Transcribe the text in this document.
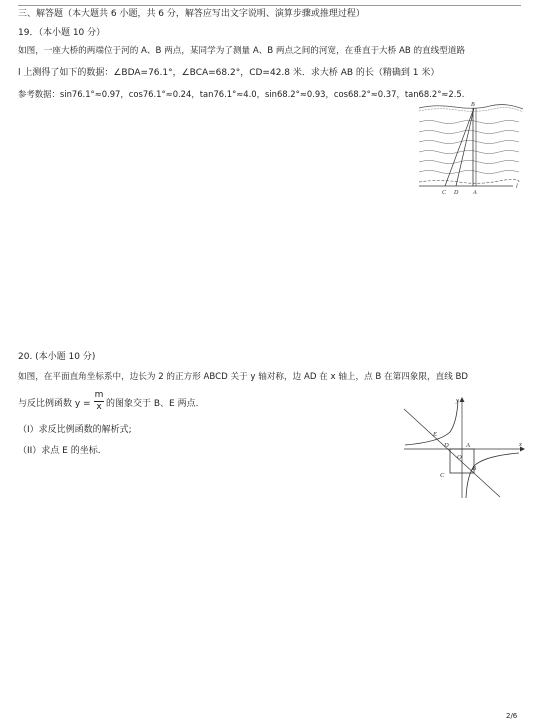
三、解答题（本大题共 6 小题，共 6 分，解答应写出文字说明、演算步骤或推理过程）
19．（本小题 10 分）
如图，一座大桥的两端位于河的 A、B 两点，某同学为了测量 A、B 两点之间的河宽，在垂直于大桥 AB 的直线型道路
l 上测得了如下的数据：∠BDA=76.1°，∠BCA=68.2°，CD=42.8 米．求大桥 AB 的长（精确到 1 米）
参考数据：sin76.1°≈0.97，cos76.1°≈0.24，tan76.1°≈4.0，sin68.2°≈0.93，cos68.2°≈0.37，tan68.2°≈2.5.
B
C D A
l
20. (本小题 10 分)
如图，在平面直角坐标系中，边长为 2 的正方形 ABCD 关于 y 轴对称，边 AD 在 x 轴上，点 B 在第四象限，直线 BD
与反比例函数 y =
m
x 的图象交于 B、E 两点.
（I）求反比例函数的解析式;
（II）求点 E 的坐标.
y
x
E
D	A
O
C
B
2/6
